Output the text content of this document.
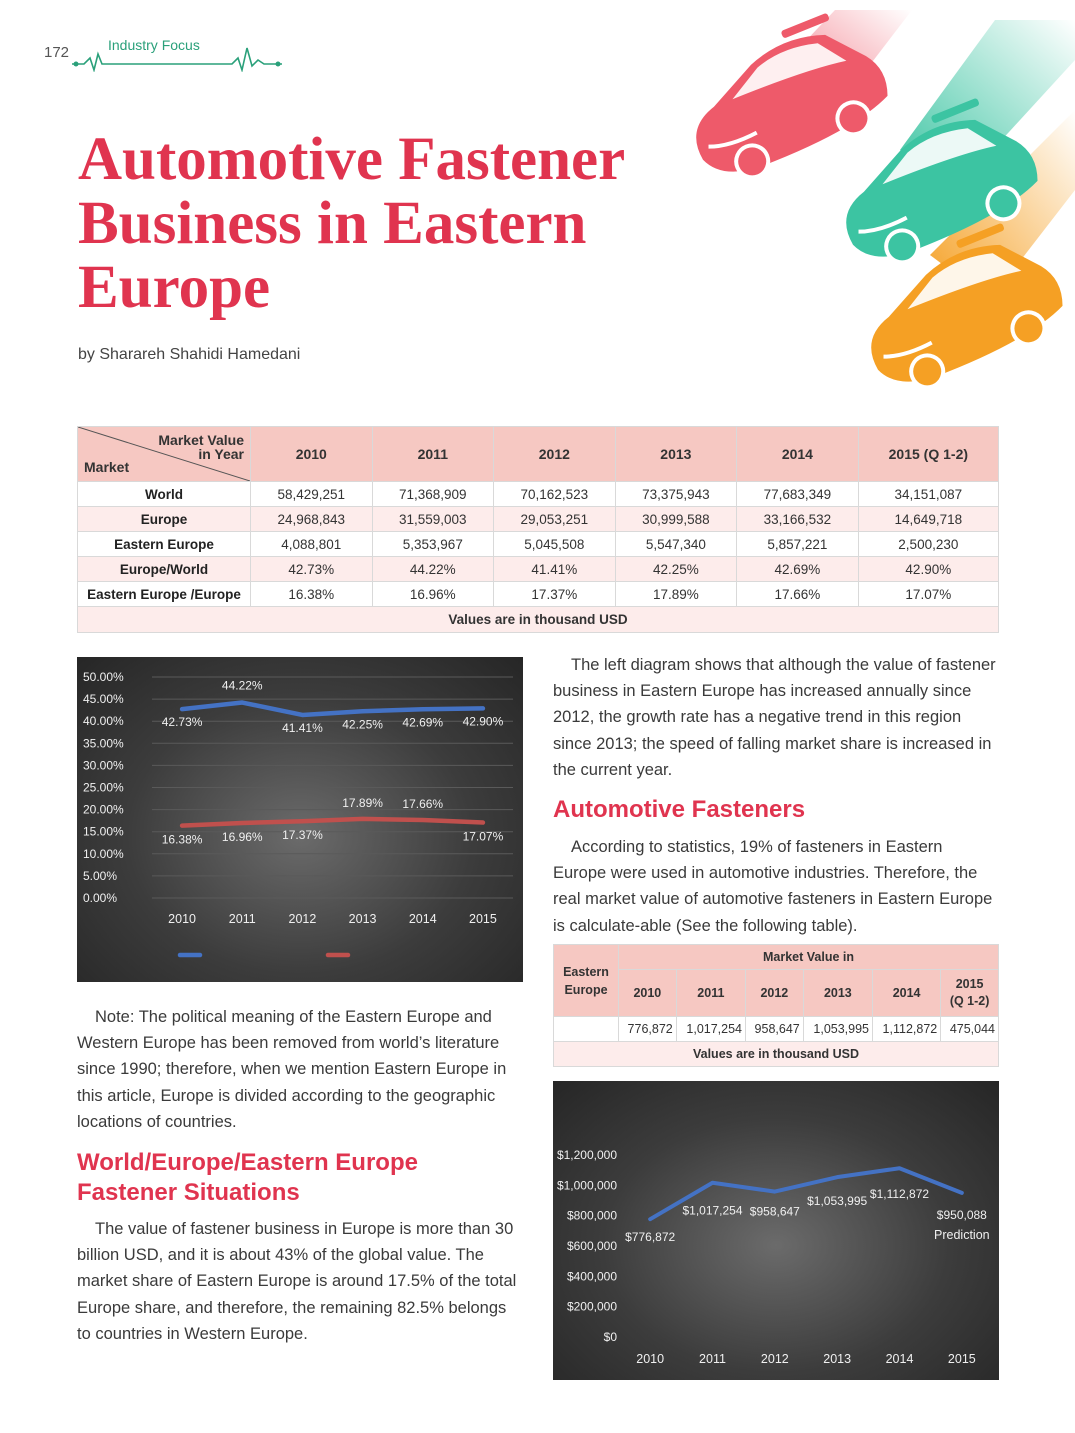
172	Industry Focus
Automotive Fastener Business in Eastern Europe
by Sharareh Shahidi Hamedani
Market Value
in Year
Market	2010	2011	2012	2013	2014	2015 (Q 1-2)
World	58,429,251	71,368,909	70,162,523	73,375,943	77,683,349	34,151,087
Europe	24,968,843	31,559,003	29,053,251	30,999,588	33,166,532	14,649,718
Eastern Europe	4,088,801	5,353,967	5,045,508	5,547,340	5,857,221	2,500,230
Europe/World	42.73%	44.22%	41.41%	42.25%	42.69%	42.90%
Eastern Europe /Europe	16.38%	16.96%	17.37%	17.89%	17.66%	17.07%
Values are in thousand USD						
0.00%
5.00%
10.00%
15.00%
20.00%
25.00%
30.00%
35.00%
40.00%
45.00%
50.00%
2010	2011	2012	2013	2014	2015
42.73%
44.22%
41.41% 42.25% 42.69% 42.90%
16.38% 16.96% 17.37%
17.89% 17.66%
17.07%

The left diagram shows that although the value of fastener business in Eastern Europe has increased annually since 2012, the growth rate has a negative trend in this region since 2013; the speed of falling market share is increased in the current year.

Automotive Fasteners

According to statistics, 19% of fasteners in Eastern Europe were used in automotive industries. Therefore, the real market value of automotive fasteners in Eastern Europe is calculate-able (See the following table).

Eastern
Europe	Market Value in					
	2010	2011	2012	2013	2014	2015
(Q 1-2)
	776,872	1,017,254	958,647	1,053,995	1,112,872	475,044
Values are in thousand USD						
$0
$200,000
$400,000
$600,000
$800,000
$1,000,000
$1,200,000
2010	2011	2012	2013	2014	2015
$776,872
$1,017,254 $958,647
$1,053,995 $1,112,872
$950,088
Prediction

Note: The political meaning of the Eastern Europe and Western Europe has been removed from world’s literature since 1990; therefore, when we mention Eastern Europe in this article, Europe is divided according to the geographic locations of countries.

World/Europe/Eastern Europe Fastener Situations

The value of fastener business in Europe is more than 30 billion USD, and it is about 43% of the global value. The market share of Eastern Europe is around 17.5% of the total Europe share, and therefore, the remaining 82.5% belongs to countries in Western Europe.
